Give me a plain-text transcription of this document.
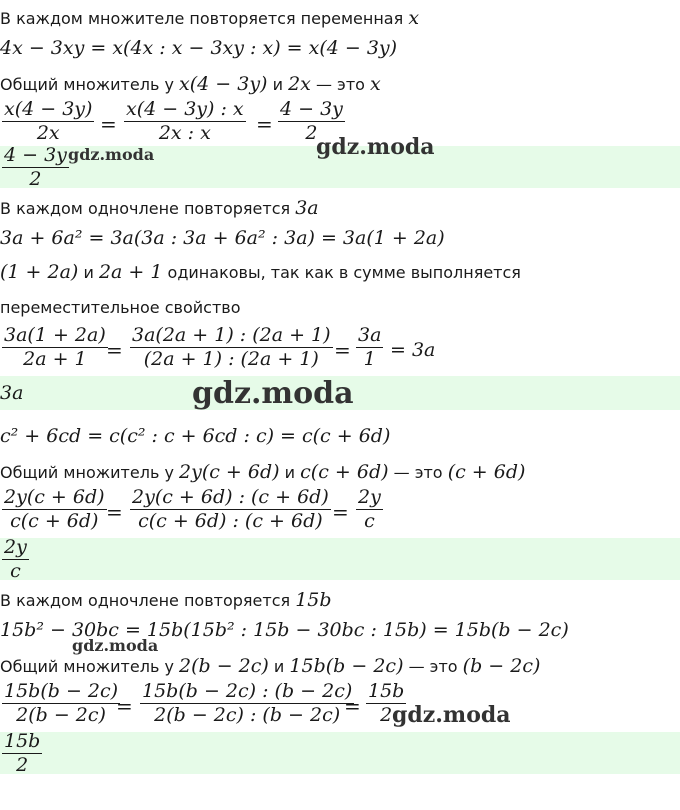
В каждом множителе повторяется переменная x
4x − 3xy = x(4x : x − 3xy : x) = x(4 − 3y)
Общий множитель у x(4 − 3y) и 2x — это x
$\frac{x(4 - 3y)}{2x} = \frac{x(4 - 3y) : x}{2x : x} = \frac{4 - 3y}{2}$
$\frac{4 - 3y}{2}$ gdz.moda	gdz.moda
В каждом одночлене повторяется 3a
3a + 6a² = 3a(3a : 3a + 6a² : 3a) = 3a(1 + 2a)
(1 + 2a) и 2a + 1 одинаковы, так как в сумме выполняется
переместительное свойство
$\frac{3a(1 + 2a)}{2a + 1}$
= $\frac{3a(2a + 1) : (2a + 1)}{(2a + 1) : (2a + 1)} = \frac{3a}{1} = 3a$
3a	gdz.moda
c² + 6cd = c(c² : c + 6cd : c) = c(c + 6d)
Общий множитель у 2y(c + 6d) и c(c + 6d) — это (c + 6d)
$\frac{2y(c + 6d)}{c(c + 6d)} = \frac{2y(c + 6d) : (c + 6d)}{c(c + 6d) : (c + 6d)} = \frac{2y}{c}$
$\frac{2y}{c}$
В каждом одночлене повторяется 15b
15b² − 30bc = 15b(15b² : 15b − 30bc : 15b) = 15b(b − 2c)
Общий множитель у 2(b − 2c) и 15b(b − 2c) — это (b − 2c)
gdz.moda
$\frac{15b(b - 2c)}{2(b - 2c)}$
= $\frac{15b(b - 2c) : (b - 2c)}{2(b - 2c) : (b - 2c)}$
= $\frac{15b}{2}$
gdz.moda
$\frac{15b}{2}$
